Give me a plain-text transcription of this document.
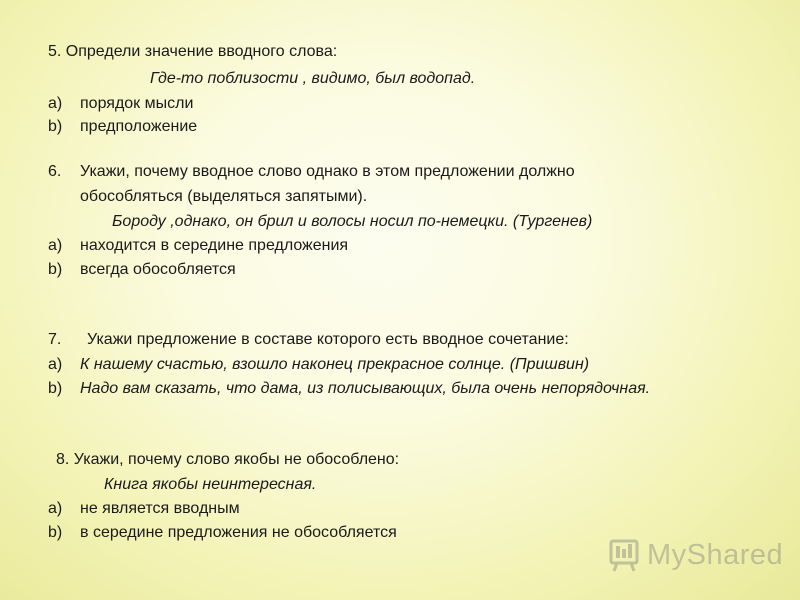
5. Определи значение вводного слова:
Где-то поблизости , видимо, был водопад.
a) порядок мысли
b) предположение
6. Укажи, почему вводное слово однако в этом предложении должно
обособляться (выделяться запятыми).
Бороду ,однако, он брил и волосы носил по-немецки. (Тургенев)
a) находится в середине предложения
b) всегда обособляется
7. Укажи предложение в составе которого есть вводное сочетание:
a) К нашему счастью, взошло наконец прекрасное солнце. (Пришвин)
b) Надо вам сказать, что дама, из полисывающих, была очень непорядочная.
8. Укажи, почему слово якобы не обособлено:
Книга якобы неинтересная.
a) не является вводным
b) в середине предложения не обособляется
MyShared
